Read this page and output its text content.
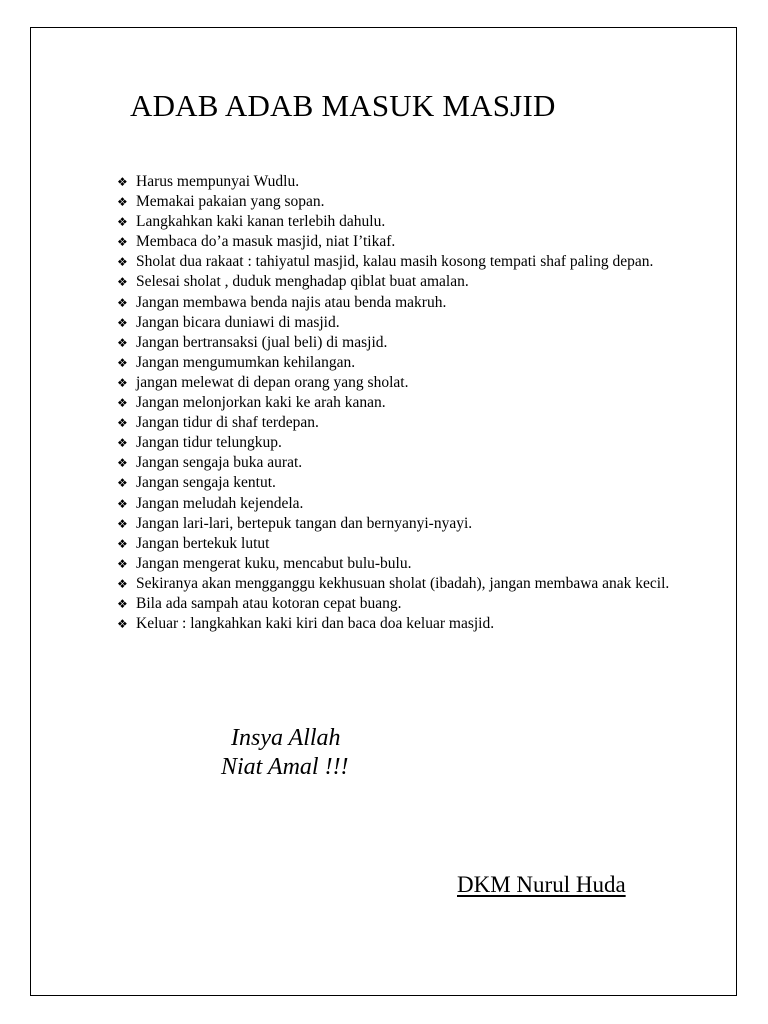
ADAB ADAB MASUK MASJID
❖ Harus mempunyai Wudlu.
❖ Memakai pakaian yang sopan.
❖ Langkahkan kaki kanan terlebih dahulu.
❖ Membaca do’a masuk masjid, niat I’tikaf.
❖ Sholat dua rakaat : tahiyatul masjid, kalau masih kosong tempati shaf paling depan.
❖ Selesai sholat , duduk menghadap qiblat buat amalan.
❖ Jangan membawa benda najis atau benda makruh.
❖ Jangan bicara duniawi di masjid.
❖ Jangan bertransaksi (jual beli) di masjid.
❖ Jangan mengumumkan kehilangan.
❖ jangan melewat di depan orang yang sholat.
❖ Jangan melonjorkan kaki ke arah kanan.
❖ Jangan tidur di shaf terdepan.
❖ Jangan tidur telungkup.
❖ Jangan sengaja buka aurat.
❖ Jangan sengaja kentut.
❖ Jangan meludah kejendela.
❖ Jangan lari-lari, bertepuk tangan dan bernyanyi-nyayi.
❖ Jangan bertekuk lutut
❖ Jangan mengerat kuku, mencabut bulu-bulu.
❖ Sekiranya akan mengganggu kekhusuan sholat (ibadah), jangan membawa anak kecil.
❖ Bila ada sampah atau kotoran cepat buang.
❖ Keluar : langkahkan kaki kiri dan baca doa keluar masjid.
Insya Allah
Niat Amal !!!
DKM Nurul Huda
